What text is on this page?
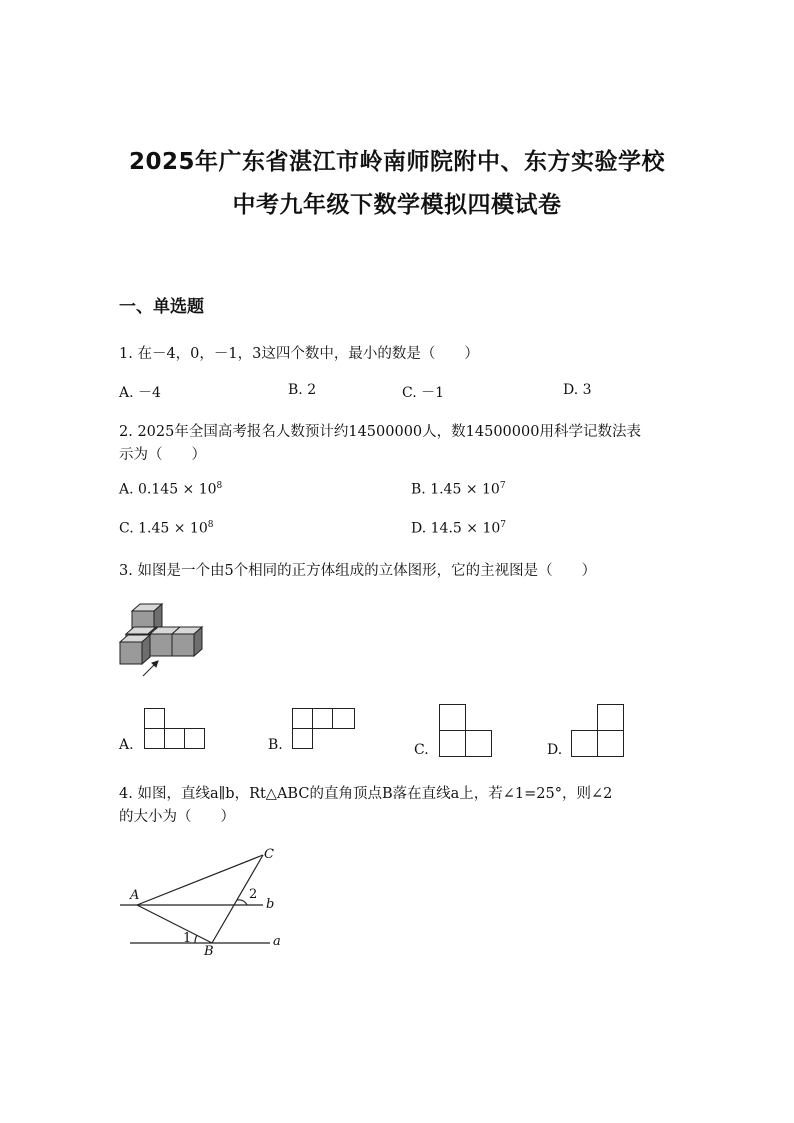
2025年广东省湛江市岭南师院附中、东方实验学校
中考九年级下数学模拟四模试卷
一、单选题
1. 在－4，0，－1，3这四个数中，最小的数是（　　）
A. －4	B. 2	C. －1	D. 3
2. 2025年全国高考报名人数预计约14500000人，数14500000用科学记数法表
示为（　　）
A. $0.145 \times 10^8$	B. $1.45 \times 10^7$
C. $1.45 \times 10^8$	D. $14.5 \times 10^7$
3. 如图是一个由5个相同的正方体组成的立体图形，它的主视图是（　　）
A.	B.	C.	D.
4. 如图，直线a∥b，Rt△ABC的直角顶点B落在直线a上，若∠1=25°，则∠2
的大小为（　　）
A
B
C
2
1
b
a
